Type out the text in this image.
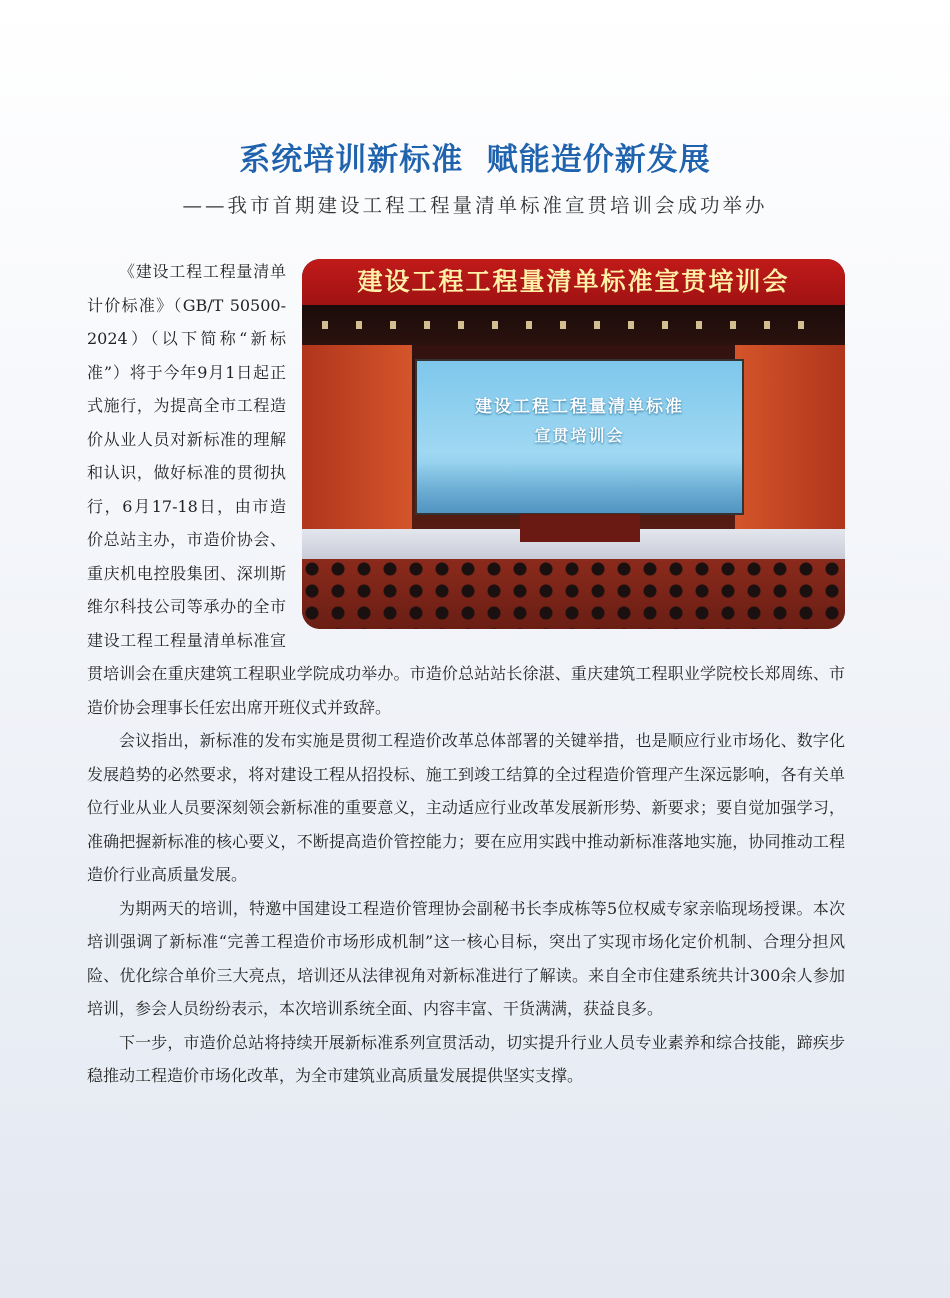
系统培训新标准  赋能造价新发展
——我市首期建设工程工程量清单标准宣贯培训会成功举办
建设工程工程量清单标准宣贯培训会
建设工程工程量清单标准
宣贯培训会

《建设工程工程量清单计价标准》（GB/T 50500-2024）（以下简称“新标准”）将于今年9月1日起正式施行，为提高全市工程造价从业人员对新标准的理解和认识，做好标准的贯彻执行，6月17-18日，由市造价总站主办，市造价协会、重庆机电控股集团、深圳斯维尔科技公司等承办的全市建设工程工程量清单标准宣贯培训会在重庆建筑工程职业学院成功举办。市造价总站站长徐湛、重庆建筑工程职业学院校长郑周练、市造价协会理事长任宏出席开班仪式并致辞。

会议指出，新标准的发布实施是贯彻工程造价改革总体部署的关键举措，也是顺应行业市场化、数字化发展趋势的必然要求，将对建设工程从招投标、施工到竣工结算的全过程造价管理产生深远影响，各有关单位行业从业人员要深刻领会新标准的重要意义，主动适应行业改革发展新形势、新要求；要自觉加强学习，准确把握新标准的核心要义，不断提高造价管控能力；要在应用实践中推动新标准落地实施，协同推动工程造价行业高质量发展。

为期两天的培训，特邀中国建设工程造价管理协会副秘书长李成栋等5位权威专家亲临现场授课。本次培训强调了新标准“完善工程造价市场形成机制”这一核心目标，突出了实现市场化定价机制、合理分担风险、优化综合单价三大亮点，培训还从法律视角对新标准进行了解读。来自全市住建系统共计300余人参加培训，参会人员纷纷表示，本次培训系统全面、内容丰富、干货满满，获益良多。

下一步，市造价总站将持续开展新标准系列宣贯活动，切实提升行业人员专业素养和综合技能，蹄疾步稳推动工程造价市场化改革，为全市建筑业高质量发展提供坚实支撑。
